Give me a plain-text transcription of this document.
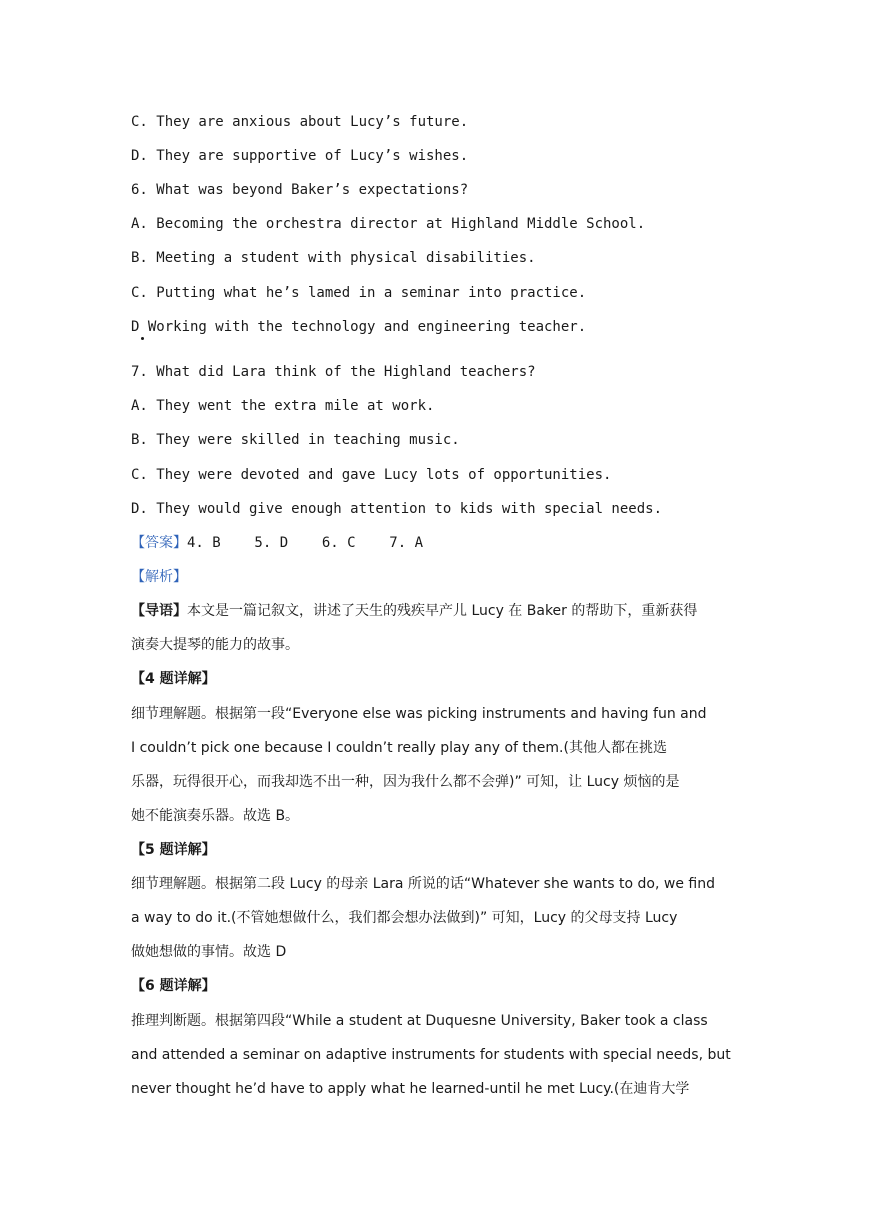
C. They are anxious about Lucy’s future.
D. They are supportive of Lucy’s wishes.
6. What was beyond Baker’s expectations?
A. Becoming the orchestra director at Highland Middle School.
B. Meeting a student with physical disabilities.
C. Putting what he’s lamed in a seminar into practice.
D Working with the technology and engineering teacher.
7. What did Lara think of the Highland teachers?
A. They went the extra mile at work.
B. They were skilled in teaching music.
C. They were devoted and gave Lucy lots of opportunities.
D. They would give enough attention to kids with special needs.
【答案】4. B    5. D    6. C    7. A
【解析】
【导语】本文是一篇记叙文，讲述了天生的残疾早产儿 Lucy 在 Baker 的帮助下，重新获得
演奏大提琴的能力的故事。
【4 题详解】
细节理解题。根据第一段“Everyone else was picking instruments and having fun and
I couldn’t pick one because I couldn’t really play any of them.(其他人都在挑选
乐器，玩得很开心，而我却选不出一种，因为我什么都不会弹)” 可知，让 Lucy 烦恼的是
她不能演奏乐器。故选 B。
【5 题详解】
细节理解题。根据第二段 Lucy 的母亲 Lara 所说的话“Whatever she wants to do, we find
a way to do it.(不管她想做什么，我们都会想办法做到)” 可知，Lucy 的父母支持 Lucy
做她想做的事情。故选 D
【6 题详解】
推理判断题。根据第四段“While a student at Duquesne University, Baker took a class
and attended a seminar on adaptive instruments for students with special needs, but
never thought he’d have to apply what he learned-until he met Lucy.(在迪肯大学
